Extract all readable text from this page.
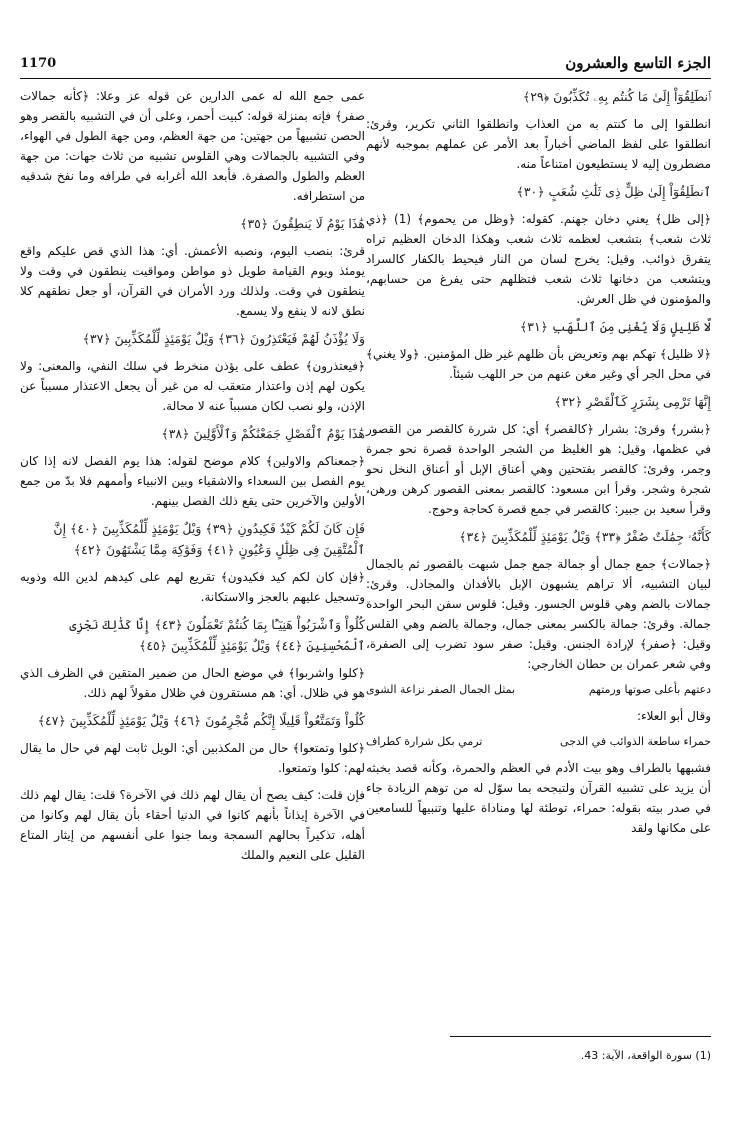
الجزء التاسع والعشرون
1170
ٱنطَلِقُوٓاْ إِلَىٰ مَا كُنتُم بِهِۦ تُكَذِّبُونَ ﴿٢٩﴾
انطلقوا إلى ما كنتم به من العذاب وانطلقوا الثاني تكرير، وقرئ: انطلقوا على لفظ الماضي أخباراً بعد الأمر عن عملهم بموجبه لأنهم مضطرون إليه لا يستطيعون امتناعاً منه.
ٱنطَلِقُوٓاْ إِلَىٰ ظِلٍّ ذِى ثَلَٰثِ شُعَبٍ ﴿٣٠﴾
﴿إلى ظل﴾ يعني دخان جهنم. كقوله: ﴿وظل من يحموم﴾ (1) ﴿ذي ثلاث شعب﴾ بتشعب لعظمه ثلاث شعب وهكذا الدخان العظيم تراه يتفرق ذوائب. وقيل: يخرج لسان من النار فيحيط بالكفار كالسراد ويتشعب من دخانها ثلاث شعب فتظلهم حتى يفرغ من حسابهم، والمؤمنون في ظل العرش.
لَّا ظَلِيلٍ وَلَا يُغْنِى مِنَ ٱللَّهَبِ ﴿٣١﴾
﴿لا ظليل﴾ تهكم بهم وتعريض بأن ظلهم غير ظل المؤمنين. ﴿ولا يغني﴾ في محل الجر أي وغير مغن عنهم من حر اللهب شيئاً.
إِنَّهَا تَرْمِى بِشَرَرٍ كَٱلْقَصْرِ ﴿٣٢﴾
﴿بشرر﴾ وقرئ: بشرار ﴿كالقصر﴾ أي: كل شررة كالقصر من القصور في عظمها، وقيل: هو الغليظ من الشجر الواحدة قصرة نحو جمرة وجمر، وقرئ: كالقصر بفتحتين وهي أعناق الإبل أو أعناق النخل نحو شجرة وشجر. وقرأ ابن مسعود: كالقصر بمعنى القصور كرهن ورهن، وقرأ سعيد بن جبير: كالقصر في جمع قصرة كحاجة وحوج.
كَأَنَّهُۥ جِمَٰلَتٌ صُفْرٌ ﴿٣٣﴾ وَيْلٌ يَوْمَئِذٍ لِّلْمُكَذِّبِينَ ﴿٣٤﴾
﴿جمالات﴾ جمع جمال أو جمالة جمع جمل شبهت بالقصور ثم بالجمال لبيان التشبيه، ألا تراهم يشبهون الإبل بالأفدان والمجادل. وقرئ: جمالات بالضم وهي قلوس الجسور. وقيل: قلوس سفن البحر الواحدة جمالة. وقرئ: جمالة بالكسر بمعنى جمال، وجمالة بالضم وهي القلس وقيل: ﴿صفر﴾ لإرادة الجنس. وقيل: صفر سود تضرب إلى الصفرة، وفي شعر عمران بن حطان الخارجي:
دعتهم بأعلى صوتها ورمتهم
بمثل الجمال الصفر نزاعة الشوى
وقال أبو العلاء:
حمراء ساطعة الذوائب في الدجى
ترمي بكل شرارة كطراف
فشبهها بالطراف وهو بيت الأدم في العظم والحمرة، وكأنه قصد بخبثه أن يزيد على تشبيه القرآن ولتبجحه بما سوّل له من توهم الزيادة جاء في صدر بيته بقوله: حمراء، توطئة لها ومناداة عليها وتنبيهاً للسامعين على مكانها ولقد
عمى جمع الله له عمى الدارين عن قوله عز وعلا: ﴿كأنه جمالات صفر﴾ فإنه بمنزلة قوله: كبيت أحمر، وعلى أن في التشبيه بالقصر وهو الحصن تشبيهاً من جهتين: من جهة العظم، ومن جهة الطول في الهواء، وفي التشبيه بالجمالات وهي القلوس تشبيه من ثلاث جهات: من جهة العظم والطول والصفرة. فأبعد الله أغرابه في طرافه وما نفخ شدقيه من استطرافه.
هَٰذَا يَوْمُ لَا يَنطِقُونَ ﴿٣٥﴾
قرئ: بنصب اليوم، ونصبه الأعمش. أي: هذا الذي قص عليكم واقع يومئذ ويوم القيامة طويل ذو مواطن ومواقيت ينطقون في وقت ولا ينطقون في وقت. ولذلك ورد الأمران في القرآن، أو جعل نطقهم كلا نطق لانه لا ينفع ولا يسمع.
وَلَا يُؤْذَنُ لَهُمْ فَيَعْتَذِرُونَ ﴿٣٦﴾ وَيْلٌ يَوْمَئِذٍ لِّلْمُكَذِّبِينَ ﴿٣٧﴾
﴿فيعتذرون﴾ عطف على يؤذن منخرط في سلك النفي، والمعنى: ولا يكون لهم إذن واعتذار متعقب له من غير أن يجعل الاعتذار مسبباً عن الإذن، ولو نصب لكان مسبباً عنه لا محالة.
هَٰذَا يَوْمُ ٱلْفَصْلِ جَمَعْنَٰكُمْ وَٱلْأَوَّلِينَ ﴿٣٨﴾
﴿جمعناكم والاولين﴾ كلام موضح لقوله: هذا يوم الفصل لانه إذا كان يوم الفصل بين السعداء والاشقياء وبين الانبياء وأممهم فلا بدّ من جمع الأولين والآخرين حتى يقع ذلك الفصل بينهم.
فَإِن كَانَ لَكُمْ كَيْدٌ فَكِيدُونِ ﴿٣٩﴾ وَيْلٌ يَوْمَئِذٍ لِّلْمُكَذِّبِينَ ﴿٤٠﴾ إِنَّ ٱلْمُتَّقِينَ فِى ظِلَٰلٍ وَعُيُونٍ ﴿٤١﴾ وَفَوَٰكِهَ مِمَّا يَشْتَهُونَ ﴿٤٢﴾
﴿فإن كان لكم كيد فكيدون﴾ تقريع لهم على كيدهم لدين الله وذويه وتسجيل عليهم بالعجز والاستكانة.
كُلُواْ وَٱشْرَبُواْ هَنِيٓـًٔا بِمَا كُنتُمْ تَعْمَلُونَ ﴿٤٣﴾ إِنَّا كَذَٰلِكَ نَجْزِى ٱلْمُحْسِنِينَ ﴿٤٤﴾ وَيْلٌ يَوْمَئِذٍ لِّلْمُكَذِّبِينَ ﴿٤٥﴾
﴿كلوا واشربوا﴾ في موضع الحال من ضمير المتقين في الظرف الذي هو في ظلال. أي: هم مستقرون في ظلال مقولاً لهم ذلك.
كُلُواْ وَتَمَتَّعُواْ قَلِيلًا إِنَّكُم مُّجْرِمُونَ ﴿٤٦﴾ وَيْلٌ يَوْمَئِذٍ لِّلْمُكَذِّبِينَ ﴿٤٧﴾
﴿كلوا وتمتعوا﴾ حال من المكذبين أي: الويل ثابت لهم في حال ما يقال لهم: كلوا وتمتعوا.
فإن قلت: كيف يصح أن يقال لهم ذلك في الآخرة؟ قلت: يقال لهم ذلك في الآخرة إيذاناً بأنهم كانوا في الدنيا أحقاء بأن يقال لهم وكانوا من أهله، تذكيراً بحالهم السمجة وبما جنوا على أنفسهم من إيثار المتاع القليل على النعيم والملك
(1) سورة الواقعة، الآية: 43.
